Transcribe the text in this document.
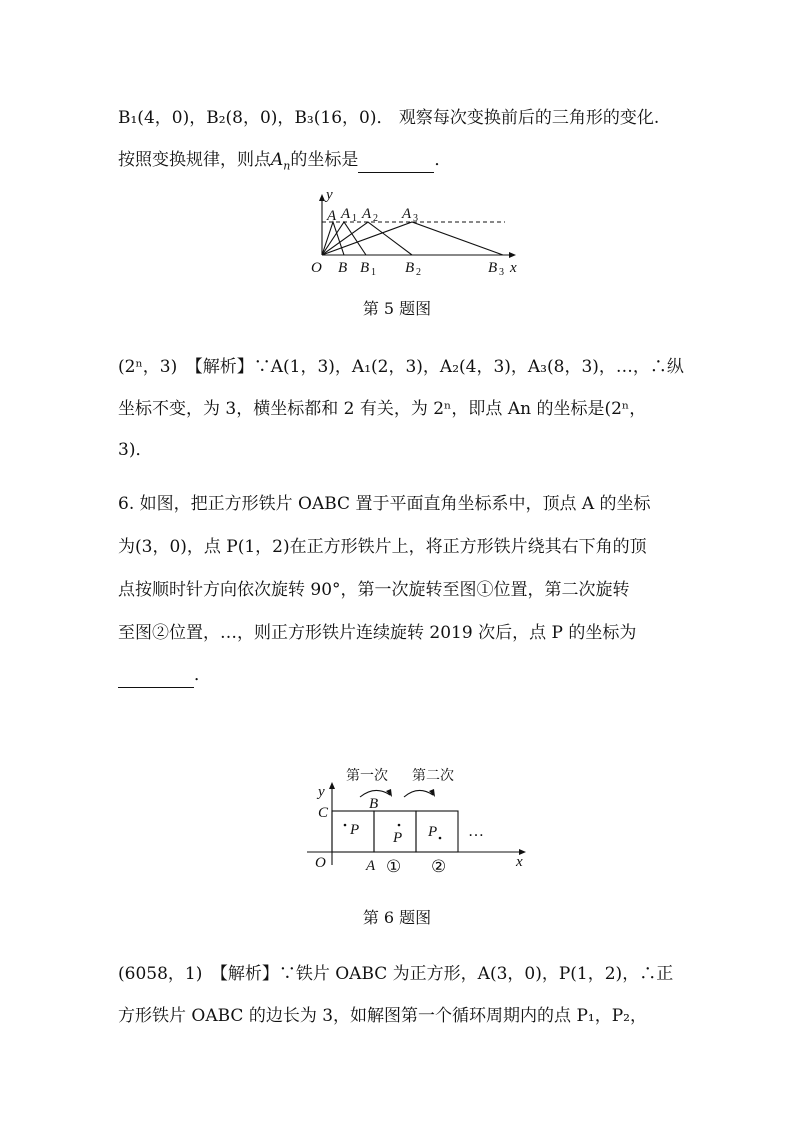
B₁(4，0)，B₂(8，0)，B₃(16，0)． 观察每次变换前后的三角形的变化.
按照变换规律，则点$A_n$的坐标是	．
y
x
O
A A 1 A 2 A 3
B B 1 B 2	B 3
第 5 题图
(2ⁿ，3)　【解析】∵A(1，3)，A₁(2，3)，A₂(4，3)，A₃(8，3)，…，∴纵
坐标不变，为 3，横坐标都和 2 有关，为 2ⁿ，即点 An 的坐标是(2ⁿ，
3)．
6. 如图，把正方形铁片 OABC 置于平面直角坐标系中，顶点 A 的坐标
为(3，0)，点 P(1，2)在正方形铁片上，将正方形铁片绕其右下角的顶
点按顺时针方向依次旋转 90°，第一次旋转至图①位置，第二次旋转
至图②位置，…，则正方形铁片连续旋转 2019 次后，点 P 的坐标为
．
第一次 第二次
y
x
O
C
B
A
P P P
① ②
…
第 6 题图
(6058，1)　【解析】∵铁片 OABC 为正方形，A(3，0)，P(1，2)，∴正
方形铁片 OABC 的边长为 3，如解图第一个循环周期内的点 P₁，P₂，
